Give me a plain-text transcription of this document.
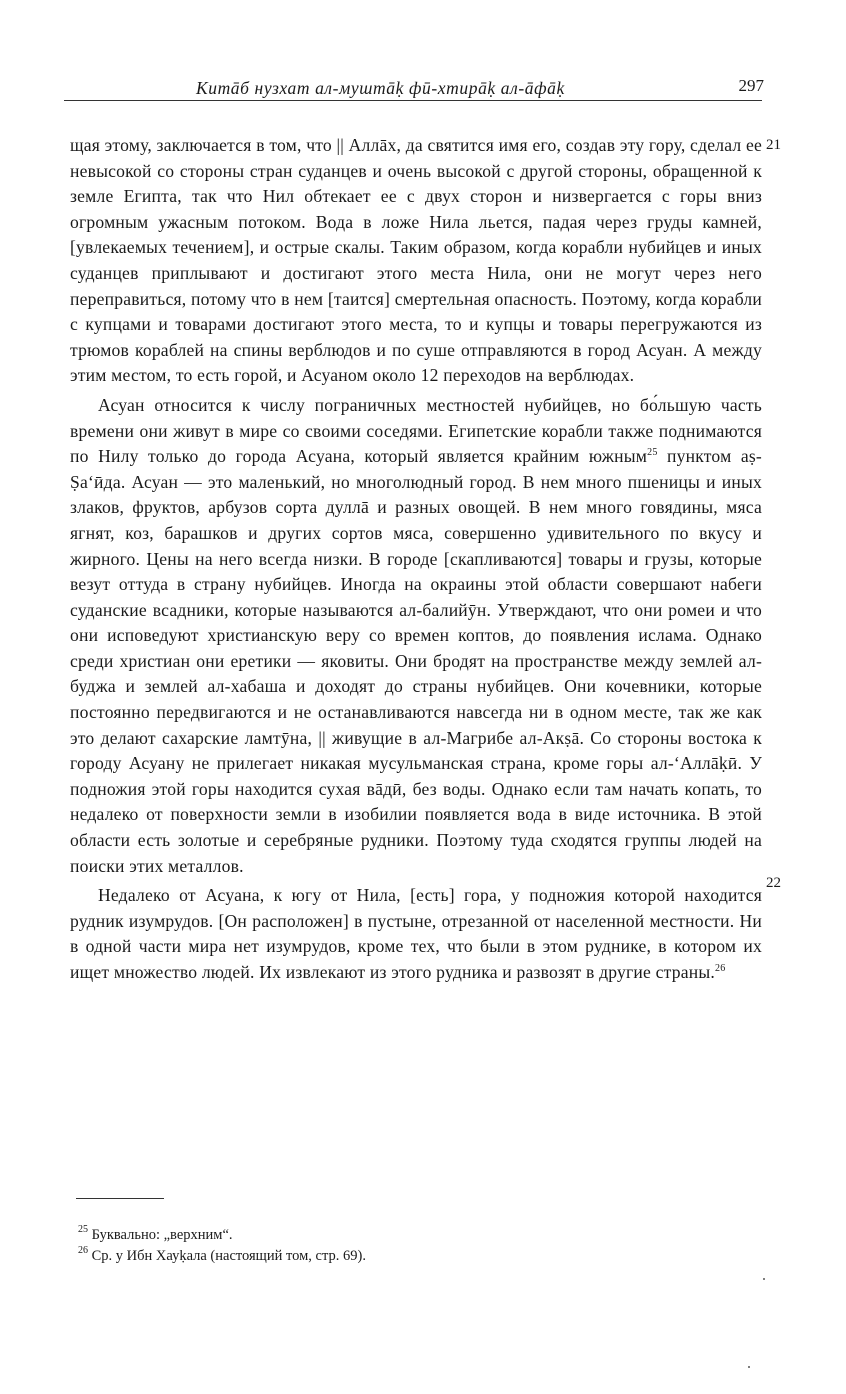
Китāб нузхат ал-муштāḳ фӣ-хтирāḳ ал-āфāḳ	297
21
22

щая этому, заключается в том, что || Аллāх, да святится имя его, создав эту гору, сделал ее невысокой со стороны стран суданцев и очень высокой с другой стороны, обращенной к земле Египта, так что Нил обтекает ее с двух сторон и низвергается с горы вниз огромным ужасным потоком. Вода в ложе Нила льется, падая через груды камней, [увлекаемых течением], и острые скалы. Таким образом, когда корабли нубийцев и иных суданцев приплывают и достигают этого места Нила, они не могут через него переправиться, потому что в нем [таится] смертельная опасность. Поэтому, когда корабли с купцами и товарами достигают этого места, то и купцы и товары перегружаются из трюмов кораблей на спины верблюдов и по суше отправляются в город Асуан. А между этим местом, то есть горой, и Асуаном около 12 переходов на верблюдах.

Асуан относится к числу пограничных местностей нубийцев, но бо́льшую часть времени они живут в мире со своими соседями. Египетские корабли также поднимаются по Нилу только до города Асуана, который является крайним южным$^{25}$ пунктом аṣ-Ṣа‘ӣда. Асуан — это маленький, но многолюдный город. В нем много пшеницы и иных злаков, фруктов, арбузов сорта дуллā и разных овощей. В нем много говядины, мяса ягнят, коз, барашков и других сортов мяса, совершенно удивительного по вкусу и жирного. Цены на него всегда низки. В городе [скапливаются] товары и грузы, которые везут оттуда в страну нубийцев. Иногда на окраины этой области совершают набеги суданские всадники, которые называются ал-балийӯн. Утверждают, что они ромеи и что они исповедуют христианскую веру со времен коптов, до появления ислама. Однако среди христиан они еретики — яковиты. Они бродят на пространстве между землей ал-буджа и землей ал-хабаша и доходят до страны нубийцев. Они кочевники, которые постоянно передвигаются и не останавливаются навсегда ни в одном месте, так же как это делают сахарские ламтӯна, || живущие в ал-Магрибе ал-Акṣā. Со стороны востока к городу Асуану не прилегает никакая мусульманская страна, кроме горы ал-‘Аллāḳӣ. У подножия этой горы находится сухая вāдӣ, без воды. Однако если там начать копать, то недалеко от поверхности земли в изобилии появляется вода в виде источника. В этой области есть золотые и серебряные рудники. Поэтому туда сходятся группы людей на поиски этих металлов.

Недалеко от Асуана, к югу от Нила, [есть] гора, у подножия которой находится рудник изумрудов. [Он расположен] в пустыне, отрезанной от населенной местности. Ни в одной части мира нет изумрудов, кроме тех, что были в этом руднике, в котором их ищет множество людей. Их извлекают из этого рудника и развозят в другие страны.$^{26}$

$^{25}$ Буквально: „верхним“.

$^{26}$ Ср. у Ибн Хауḳала (настоящий том, стр. 69).
